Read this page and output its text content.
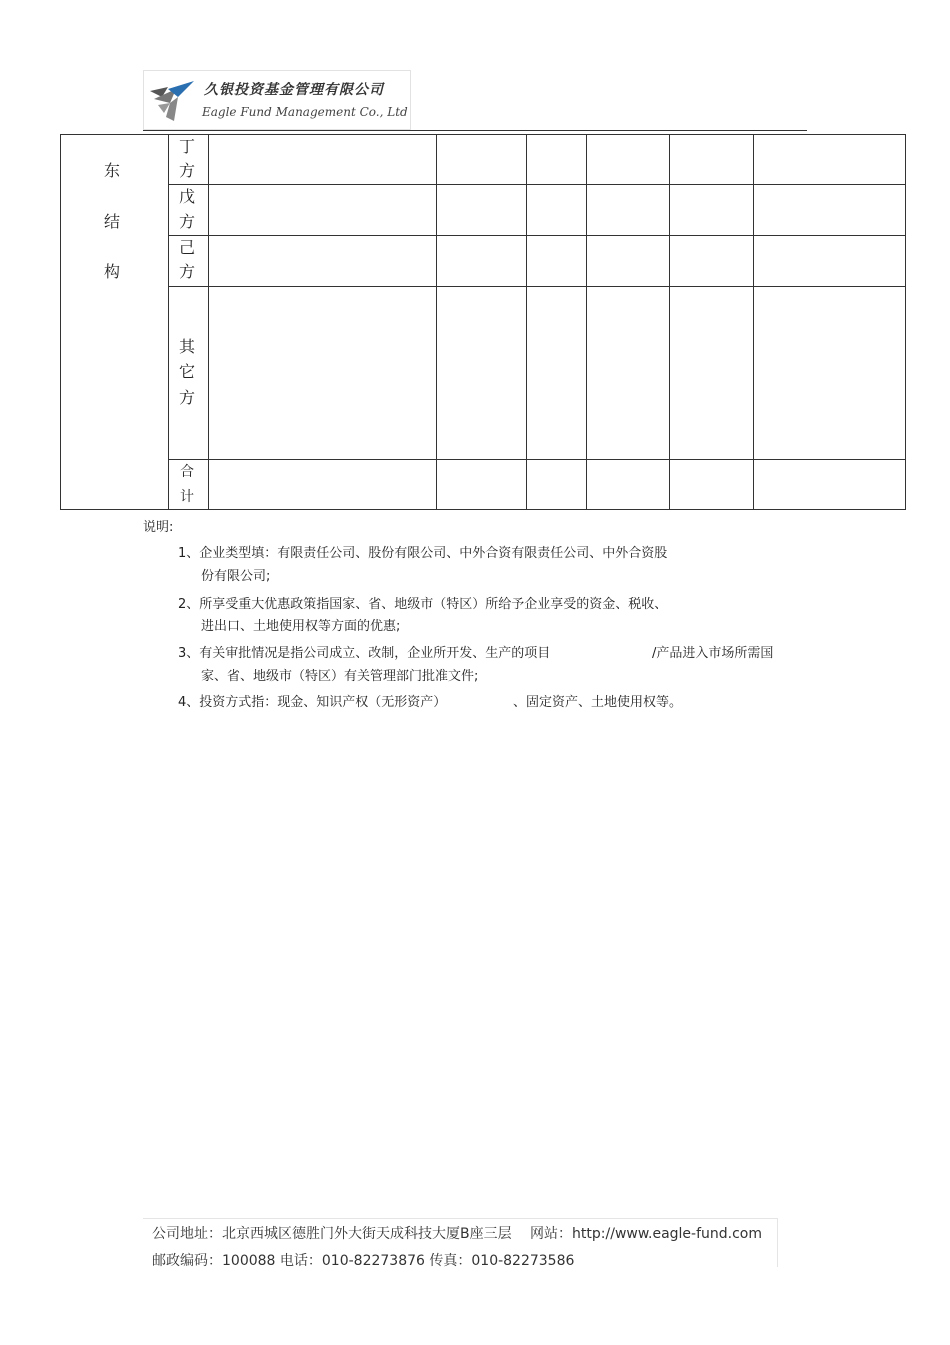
久银投资基金管理有限公司
Eagle Fund Management Co., Ltd
东
结
构
丁
方
戊
方
己
方
其
它
方
合
计
说明:
1、企业类型填：有限责任公司、股份有限公司、中外合资有限责任公司、中外合资股
份有限公司;
2、所享受重大优惠政策指国家、省、地级市（特区）所给予企业享受的资金、税收、
进出口、土地使用权等方面的优惠;
3、有关审批情况是指公司成立、改制，企业所开发、生产的项目	/产品进入市场所需国
家、省、地级市（特区）有关管理部门批准文件;
4、投资方式指：现金、知识产权（无形资产）	、固定资产、土地使用权等。
公司地址：北京西城区德胜门外大街天成科技大厦B座三层　 网站：http://www.eagle-fund.com
邮政编码：100088 电话：010-82273876 传真：010-82273586
